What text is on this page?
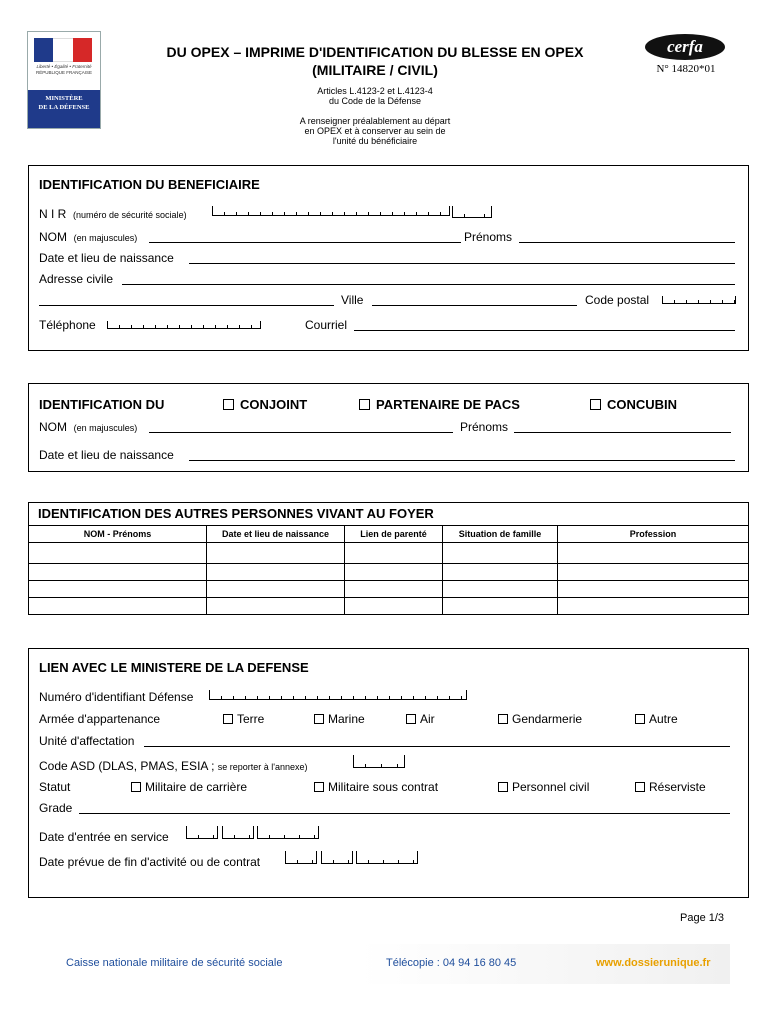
Liberté • Égalité • Fraternité
RÉPUBLIQUE FRANÇAISE
MINISTÈRE
DE LA DÉFENSE
DU OPEX – IMPRIME D'IDENTIFICATION DU BLESSE EN OPEX
(MILITAIRE / CIVIL)
Articles L.4123-2 et L.4123-4
du Code de la Défense
A renseigner préalablement au départ
en OPEX et à conserver au sein de
l'unité du bénéficiaire
cerfa
N° 14820*01
IDENTIFICATION DU BENEFICIAIRE
N I R (numéro de sécurité sociale)
NOM (en majuscules)	Prénoms
Date et lieu de naissance
Adresse civile
Ville	Code postal
Téléphone	Courriel
IDENTIFICATION DU	CONJOINT	PARTENAIRE DE PACS	CONCUBIN
NOM (en majuscules)	Prénoms
Date et lieu de naissance
IDENTIFICATION DES AUTRES PERSONNES VIVANT AU FOYER

NOM - Prénoms	Date et lieu de naissance	Lien de parenté	Situation de famille	Profession

LIEN AVEC LE MINISTERE DE LA DEFENSE
Numéro d'identifiant Défense
Armée d'appartenance	Terre	Marine	Air	Gendarmerie	Autre
Unité d'affectation
Code ASD (DLAS, PMAS, ESIA ; se reporter à l'annexe)
Statut	Militaire de carrière	Militaire sous contrat	Personnel civil	Réserviste
Grade
Date d'entrée en service
Date prévue de fin d'activité ou de contrat
Page 1/3
Caisse nationale militaire de sécurité sociale	Télécopie : 04 94 16 80 45	www.dossierunique.fr
